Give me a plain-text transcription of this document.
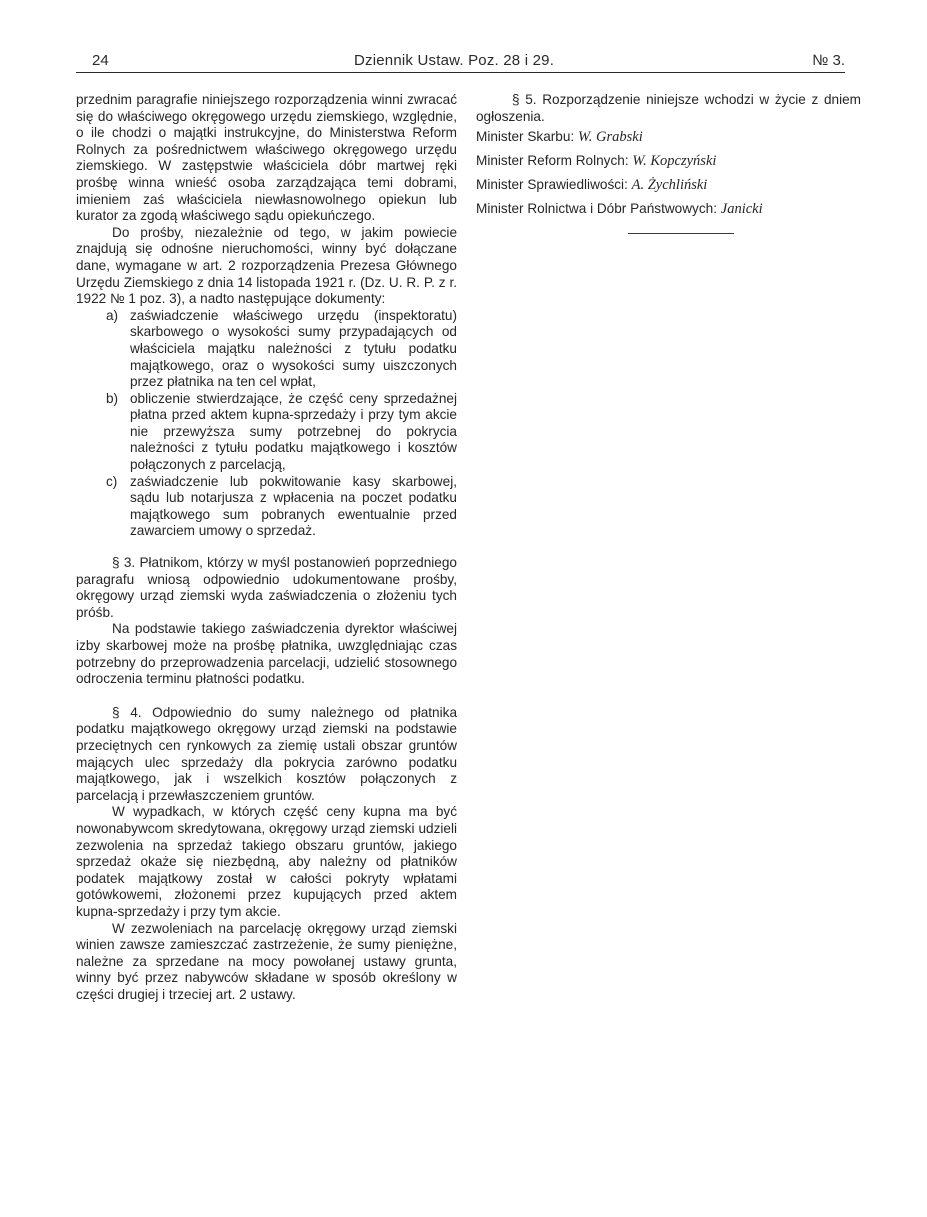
24	Dziennik Ustaw. Poz. 28 i 29.	№ 3.

przednim paragrafie niniejszego rozporządzenia winni zwracać się do właściwego okręgowego urzędu ziemskiego, względnie, o ile chodzi o majątki instrukcyjne, do Ministerstwa Reform Rolnych za pośrednictwem właściwego okręgowego urzędu ziemskiego. W zastępstwie właściciela dóbr martwej ręki prośbę winna wnieść osoba zarządzająca temi dobrami, imieniem zaś właściciela niewłasnowolnego opiekun lub kurator za zgodą właściwego sądu opiekuńczego.

Do prośby, niezależnie od tego, w jakim powiecie znajdują się odnośne nieruchomości, winny być dołączane dane, wymagane w art. 2 rozporządzenia Prezesa Głównego Urzędu Ziemskiego z dnia 14 listopada 1921 r. (Dz. U. R. P. z r. 1922 № 1 poz. 3), a nadto następujące dokumenty:

a) zaświadczenie właściwego urzędu (inspektoratu) skarbowego o wysokości sumy przypadających od właściciela majątku należności z tytułu podatku majątkowego, oraz o wysokości sumy uiszczonych przez płatnika na ten cel wpłat,

b) obliczenie stwierdzające, że część ceny sprzedażnej płatna przed aktem kupna-sprzedaży i przy tym akcie nie przewyższa sumy potrzebnej do pokrycia należności z tytułu podatku majątkowego i kosztów połączonych z parcelacją,

c) zaświadczenie lub pokwitowanie kasy skarbowej, sądu lub notarjusza z wpłacenia na poczet podatku majątkowego sum pobranych ewentualnie przed zawarciem umowy o sprzedaż.

§ 3. Płatnikom, którzy w myśl postanowień poprzedniego paragrafu wniosą odpowiednio udokumentowane prośby, okręgowy urząd ziemski wyda zaświadczenia o złożeniu tych próśb.

Na podstawie takiego zaświadczenia dyrektor właściwej izby skarbowej może na prośbę płatnika, uwzględniając czas potrzebny do przeprowadzenia parcelacji, udzielić stosownego odroczenia terminu płatności podatku.

§ 4. Odpowiednio do sumy należnego od płatnika podatku majątkowego okręgowy urząd ziemski na podstawie przeciętnych cen rynkowych za ziemię ustali obszar gruntów mających ulec sprzedaży dla pokrycia zarówno podatku majątkowego, jak i wszelkich kosztów połączonych z parcelacją i przewłaszczeniem gruntów.

W wypadkach, w których część ceny kupna ma być nowonabywcom skredytowana, okręgowy urząd ziemski udzieli zezwolenia na sprzedaż takiego obszaru gruntów, jakiego sprzedaż okaże się niezbędną, aby należny od płatników podatek majątkowy został w całości pokryty wpłatami gotówkowemi, złożonemi przez kupujących przed aktem kupna-sprzedaży i przy tym akcie.

W zezwoleniach na parcelację okręgowy urząd ziemski winien zawsze zamieszczać zastrzeżenie, że sumy pieniężne, należne za sprzedane na mocy powołanej ustawy grunta, winny być przez nabywców składane w sposób określony w części drugiej i trzeciej art. 2 ustawy.

§ 5. Rozporządzenie niniejsze wchodzi w życie z dniem ogłoszenia.

Minister Skarbu: W. Grabski

Minister Reform Rolnych: W. Kopczyński

Minister Sprawiedliwości: A. Żychliński

Minister Rolnictwa i Dóbr Państwowych: Janicki
